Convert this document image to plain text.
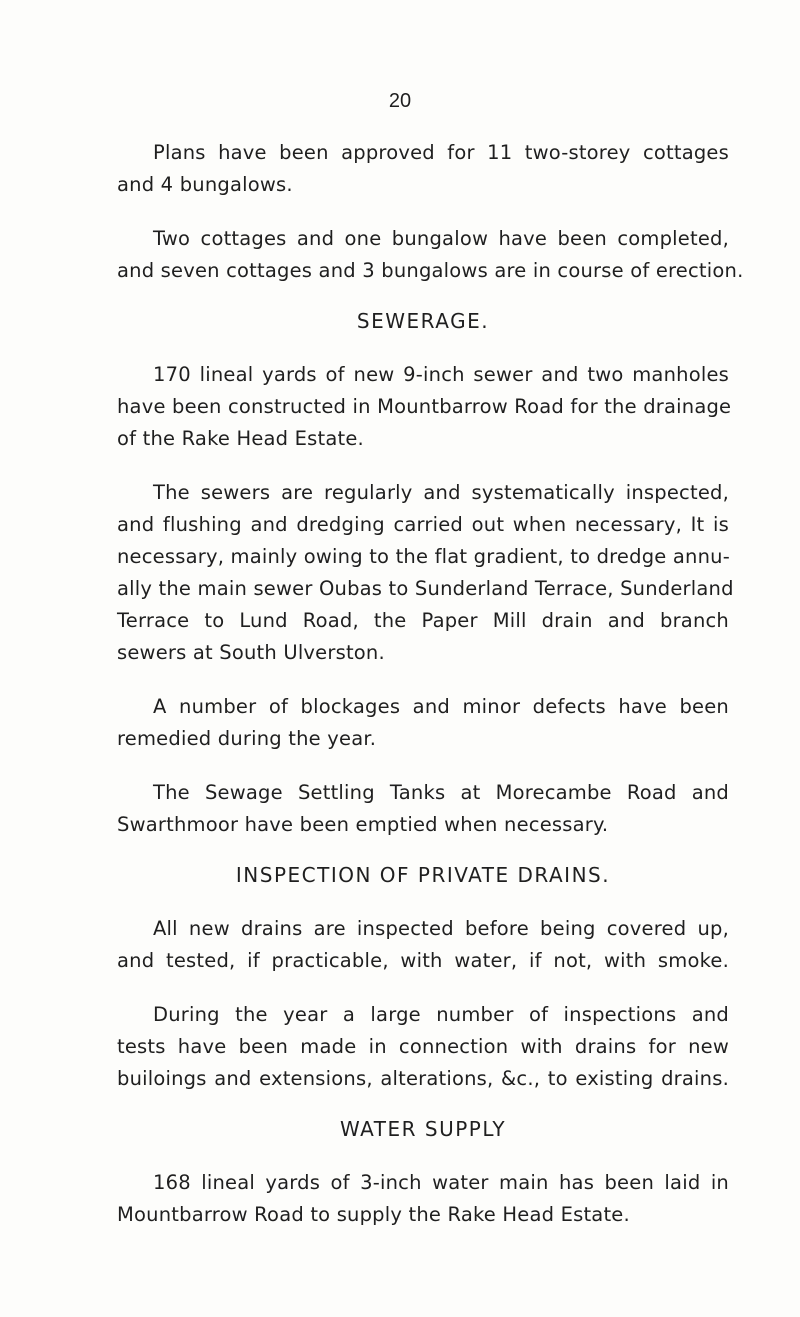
20

Plans have been approved for 11 two-storey cottages
and 4 bungalows.

Two cottages and one bungalow have been completed,
and seven cottages and 3 bungalows are in course of erection.

SEWERAGE.

170 lineal yards of new 9-inch sewer and two manholes
have been constructed in Mountbarrow Road for the drainage
of the Rake Head Estate.

The sewers are regularly and systematically inspected,
and flushing and dredging carried out when necessary, It is
necessary, mainly owing to the flat gradient, to dredge annu-
ally the main sewer Oubas to Sunderland Terrace, Sunderland
Terrace to Lund Road, the Paper Mill drain and branch
sewers at South Ulverston.

A number of blockages and minor defects have been
remedied during the year.

The Sewage Settling Tanks at Morecambe Road and
Swarthmoor have been emptied when necessary.

INSPECTION OF PRIVATE DRAINS.

All new drains are inspected before being covered up,
and tested, if practicable, with water, if not, with smoke.

During the year a large number of inspections and
tests have been made in connection with drains for new
builoings and extensions, alterations, &c., to existing drains.

WATER SUPPLY

168 lineal yards of 3-inch water main has been laid in
Mountbarrow Road to supply the Rake Head Estate.
